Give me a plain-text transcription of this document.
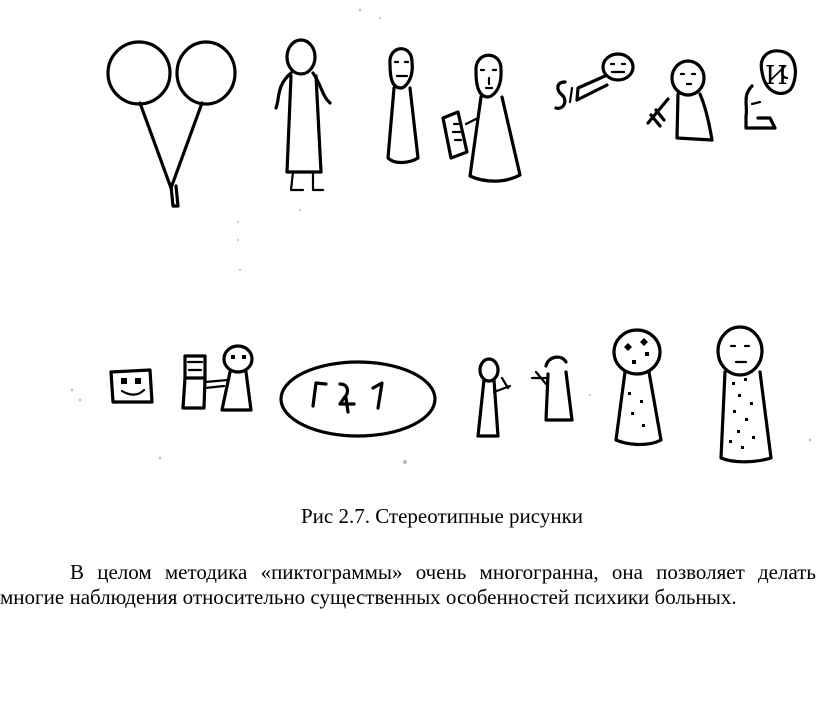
И
Рис 2.7. Стереотипные рисунки

В целом методика «пиктограммы» очень многогранна, она позволяет делать многие наблюдения относительно существенных особенностей психики больных.
